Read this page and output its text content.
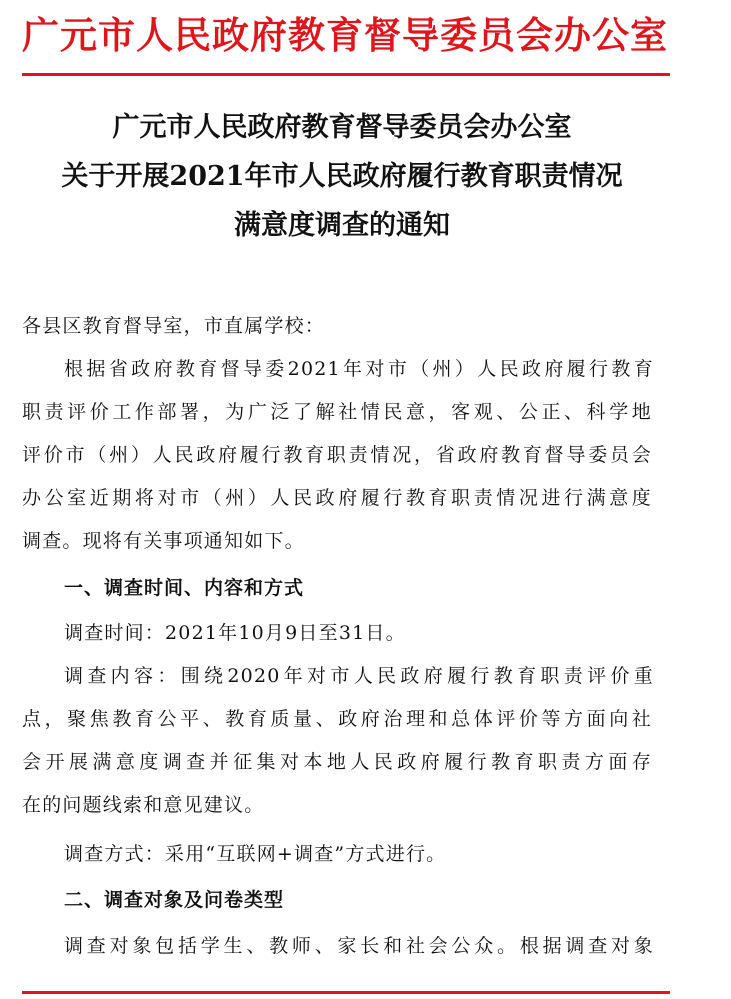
广元市人民政府教育督导委员会办公室
广元市人民政府教育督导委员会办公室
关于开展2021年市人民政府履行教育职责情况
满意度调查的通知
各县区教育督导室，市直属学校：
根据省政府教育督导委2021年对市（州）人民政府履行教育
职责评价工作部署，为广泛了解社情民意，客观、公正、科学地
评价市（州）人民政府履行教育职责情况，省政府教育督导委员会
办公室近期将对市（州）人民政府履行教育职责情况进行满意度
调查。现将有关事项通知如下。
一、调查时间、内容和方式
调查时间：2021年10月9日至31日。
调查内容：围绕2020年对市人民政府履行教育职责评价重
点，聚焦教育公平、教育质量、政府治理和总体评价等方面向社
会开展满意度调查并征集对本地人民政府履行教育职责方面存
在的问题线索和意见建议。
调查方式：采用“互联网+调查”方式进行。
二、调查对象及问卷类型
调查对象包括学生、教师、家长和社会公众。根据调查对象
